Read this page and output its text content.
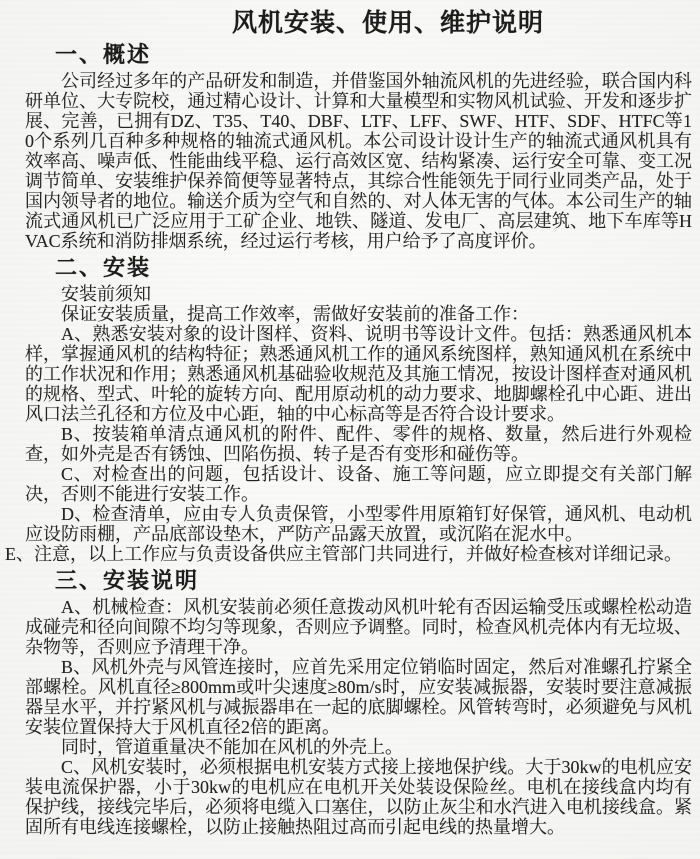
风机安装、使用、维护说明
一、概述

公司经过多年的产品研发和制造，并借鉴国外轴流风机的先进经验，联合国内科研单位、大专院校，通过精心设计、计算和大量模型和实物风机试验、开发和逐步扩展、完善，已拥有DZ、T35、T40、DBF、LTF、LFF、SWF、HTF、SDF、HTFC等10个系列几百种多种规格的轴流式通风机。本公司设计设计生产的轴流式通风机具有效率高、噪声低、性能曲线平稳、运行高效区宽、结构紧凑、运行安全可靠、变工况调节简单、安装维护保养简便等显著特点，其综合性能领先于同行业同类产品，处于国内领导者的地位。输送介质为空气和自然的、对人体无害的气体。本公司生产的轴流式通风机已广泛应用于工矿企业、地铁、隧道、发电厂、高层建筑、地下车库等HVAC系统和消防排烟系统，经过运行考核，用户给予了高度评价。

二、安装

安装前须知

保证安装质量，提高工作效率，需做好安装前的准备工作：

A、熟悉安装对象的设计图样、资料、说明书等设计文件。包括：熟悉通风机本样，掌握通风机的结构特征；熟悉通风机工作的通风系统图样，熟知通风机在系统中的工作状况和作用；熟悉通风机基础验收规范及其施工情况，按设计图样查对通风机的规格、型式、叶轮的旋转方向、配用原动机的动力要求、地脚螺栓孔中心距、进出风口法兰孔径和方位及中心距，轴的中心标高等是否符合设计要求。

B、按装箱单清点通风机的附件、配件、零件的规格、数量，然后进行外观检查，如外壳是否有锈蚀、凹陷伤损、转子是否有变形和碰伤等。

C、对检查出的问题，包括设计、设备、施工等问题，应立即提交有关部门解决，否则不能进行安装工作。

D、检查清单，应由专人负责保管，小型零件用原箱钉好保管，通风机、电动机应设防雨棚，产品底部设垫木，严防产品露天放置，或沉陷在泥水中。

E、注意，以上工作应与负责设备供应主管部门共同进行，并做好检查核对详细记录。

三、安装说明

A、机械检查：风机安装前必须任意拨动风机叶轮有否因运输受压或螺栓松动造成碰壳和径向间隙不均匀等现象，否则应予调整。同时，检查风机壳体内有无垃圾、杂物等，否则应予清理干净。

B、风机外壳与风管连接时，应首先采用定位销临时固定，然后对准螺孔拧紧全部螺栓。风机直径≥800mm或叶尖速度≥80m/s时，应安装减振器，安装时要注意减振器呈水平，并拧紧风机与减振器串在一起的底脚螺栓。风管转弯时，必须避免与风机安装位置保持大于风机直径2倍的距离。

同时，管道重量决不能加在风机的外壳上。

C、风机安装时，必须根据电机安装方式接上接地保护线。大于30kw的电机应安装电流保护器，小于30kw的电机应在电机开关处装设保险丝。电机在接线盒内均有保护线，接线完毕后，必须将电缆入口塞住，以防止灰尘和水汽进入电机接线盒。紧固所有电线连接螺栓，以防止接触热阻过高而引起电线的热量增大。
